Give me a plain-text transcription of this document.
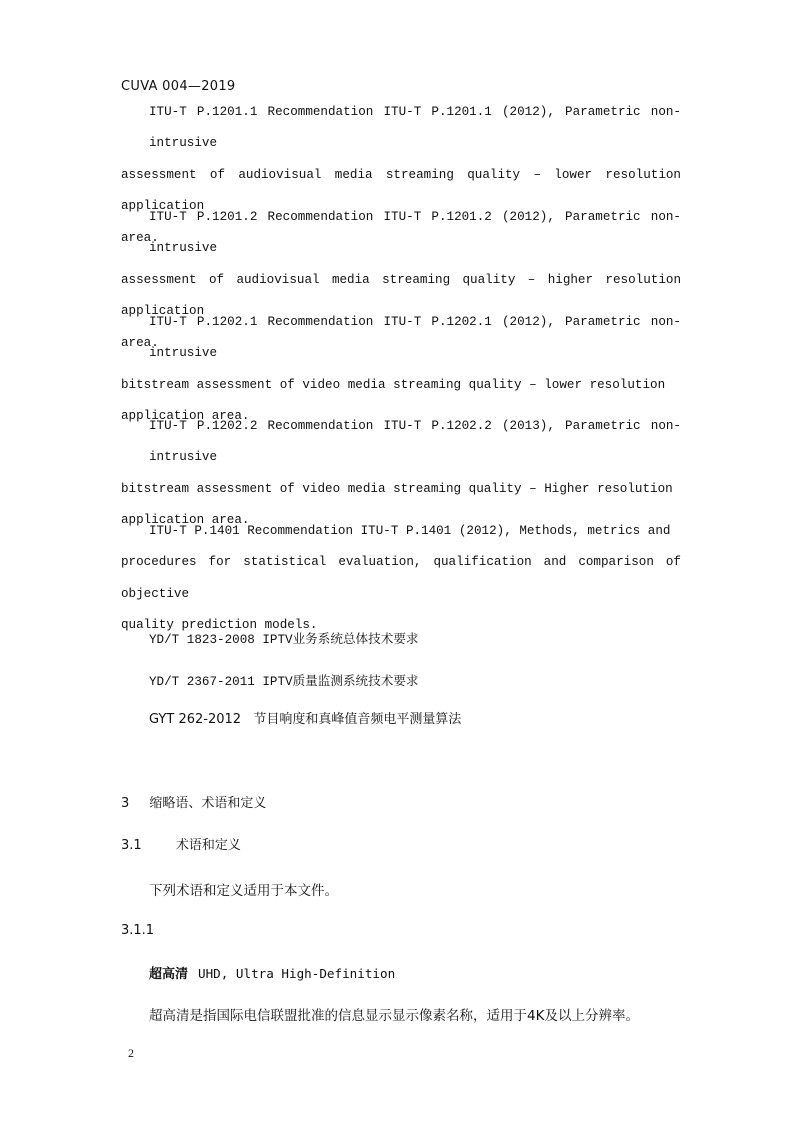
CUVA 004—2019
ITU-T P.1201.1 Recommendation ITU-T P.1201.1 (2012), Parametric non-intrusive
assessment of audiovisual media streaming quality – lower resolution application
area.
ITU-T P.1201.2 Recommendation ITU-T P.1201.2 (2012), Parametric non-intrusive
assessment of audiovisual media streaming quality – higher resolution application
area.
ITU-T P.1202.1 Recommendation ITU-T P.1202.1 (2012), Parametric non-intrusive
bitstream assessment of video media streaming quality – lower resolution
application area.
ITU-T P.1202.2 Recommendation ITU-T P.1202.2 (2013), Parametric non-intrusive
bitstream assessment of video media streaming quality – Higher resolution
application area.
ITU-T P.1401 Recommendation ITU-T P.1401 (2012), Methods, metrics and
procedures for statistical evaluation, qualification and comparison of objective
quality prediction models.
YD/T 1823-2008 IPTV业务系统总体技术要求
YD/T 2367-2011 IPTV质量监测系统技术要求
GYT 262-2012   节目响度和真峰值音频电平测量算法
3 缩略语、术语和定义
3.1	术语和定义
下列术语和定义适用于本文件。
3.1.1
超高清 UHD, Ultra High-Definition
超高清是指国际电信联盟批准的信息显示显示像素名称，适用于4K及以上分辨率。
2
